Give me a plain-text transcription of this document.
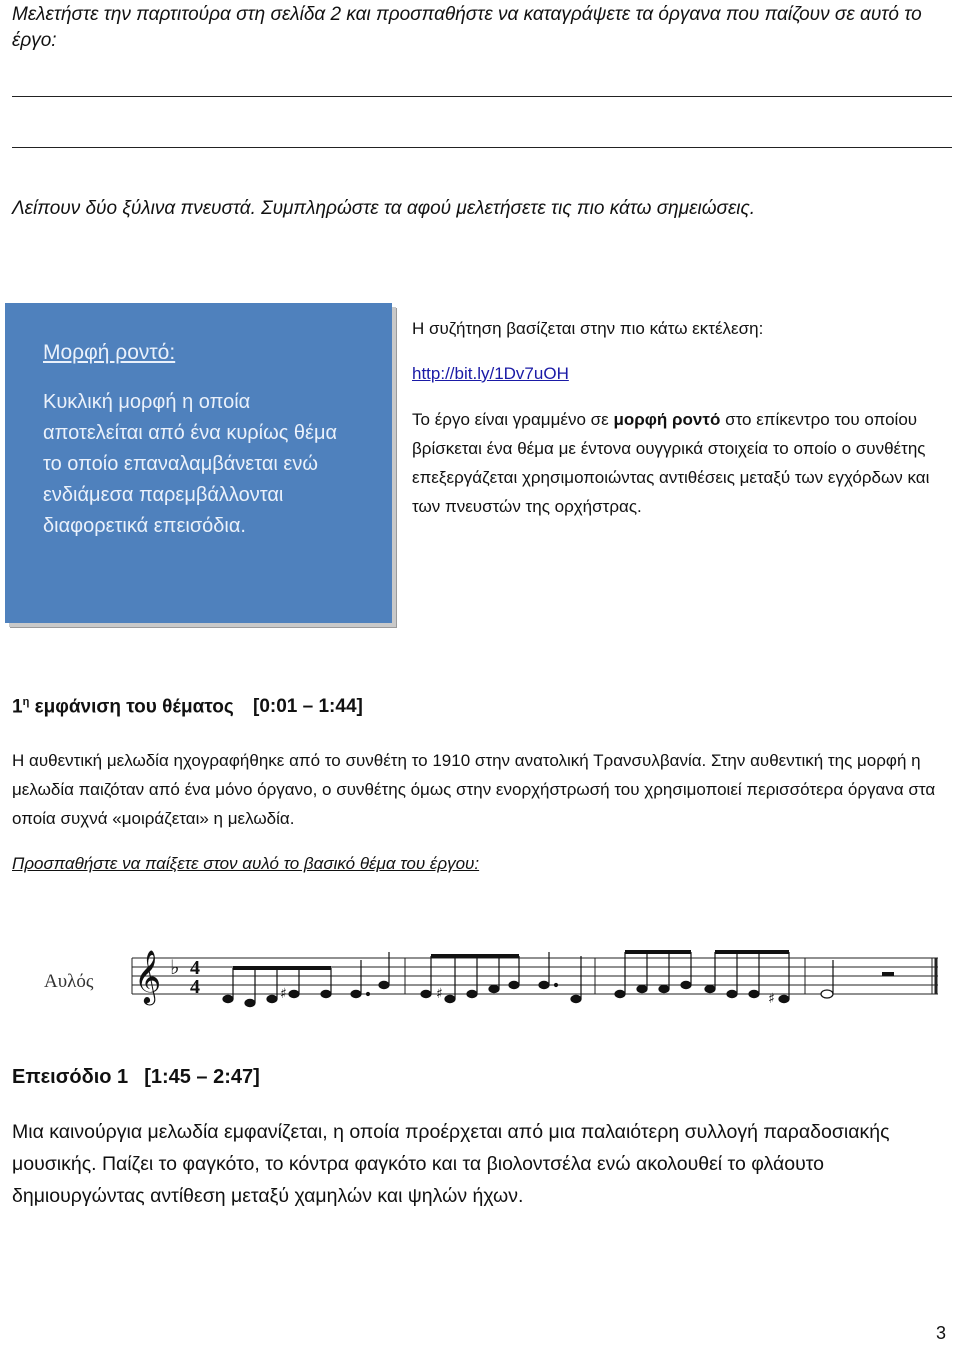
Μελετήστε την παρτιτούρα στη σελίδα 2 και προσπαθήστε να καταγράψετε τα όργανα που παίζουν σε αυτό το έργο:
Λείπουν δύο ξύλινα πνευστά. Συμπληρώστε τα αφού μελετήσετε τις πιο κάτω σημειώσεις.
Μορφή ροντό:
Κυκλική μορφή η οποία αποτελείται από ένα κυρίως θέμα το οποίο επαναλαμβάνεται ενώ ενδιάμεσα παρεμβάλλονται διαφορετικά επεισόδια.
Η συζήτηση βασίζεται στην πιο κάτω εκτέλεση:
http://bit.ly/1Dv7uOH
Το έργο είναι γραμμένο σε μορφή ροντό στο επίκεντρο του οποίου βρίσκεται ένα θέμα με έντονα ουγγρικά στοιχεία το οποίο ο συνθέτης επεξεργάζεται χρησιμοποιώντας αντιθέσεις μεταξύ των εγχόρδων και των πνευστών της ορχήστρας.
$1^\eta$ εμφάνιση του θέματος [0:01 – 1:44]
Η αυθεντική μελωδία ηχογραφήθηκε από το συνθέτη το 1910 στην ανατολική Τρανσυλβανία. Στην αυθεντική της μορφή η μελωδία παιζόταν από ένα μόνο όργανο, ο συνθέτης όμως στην ενορχήστρωσή του χρησιμοποιεί περισσότερα όργανα στα οποία συχνά «μοιράζεται» η μελωδία.
Προσπαθήστε να παίξετε στον αυλό το βασικό θέμα του έργου:
Αυλός 𝄞 ♭ 4
4	♯	♯	♯
Επεισόδιο 1 [1:45 – 2:47]
Μια καινούργια μελωδία εμφανίζεται, η οποία προέρχεται από μια παλαιότερη συλλογή παραδοσιακής μουσικής. Παίζει το φαγκότο, το κόντρα φαγκότο και τα βιολοντσέλα ενώ ακολουθεί το φλάουτο δημιουργώντας αντίθεση μεταξύ χαμηλών και ψηλών ήχων.
3
